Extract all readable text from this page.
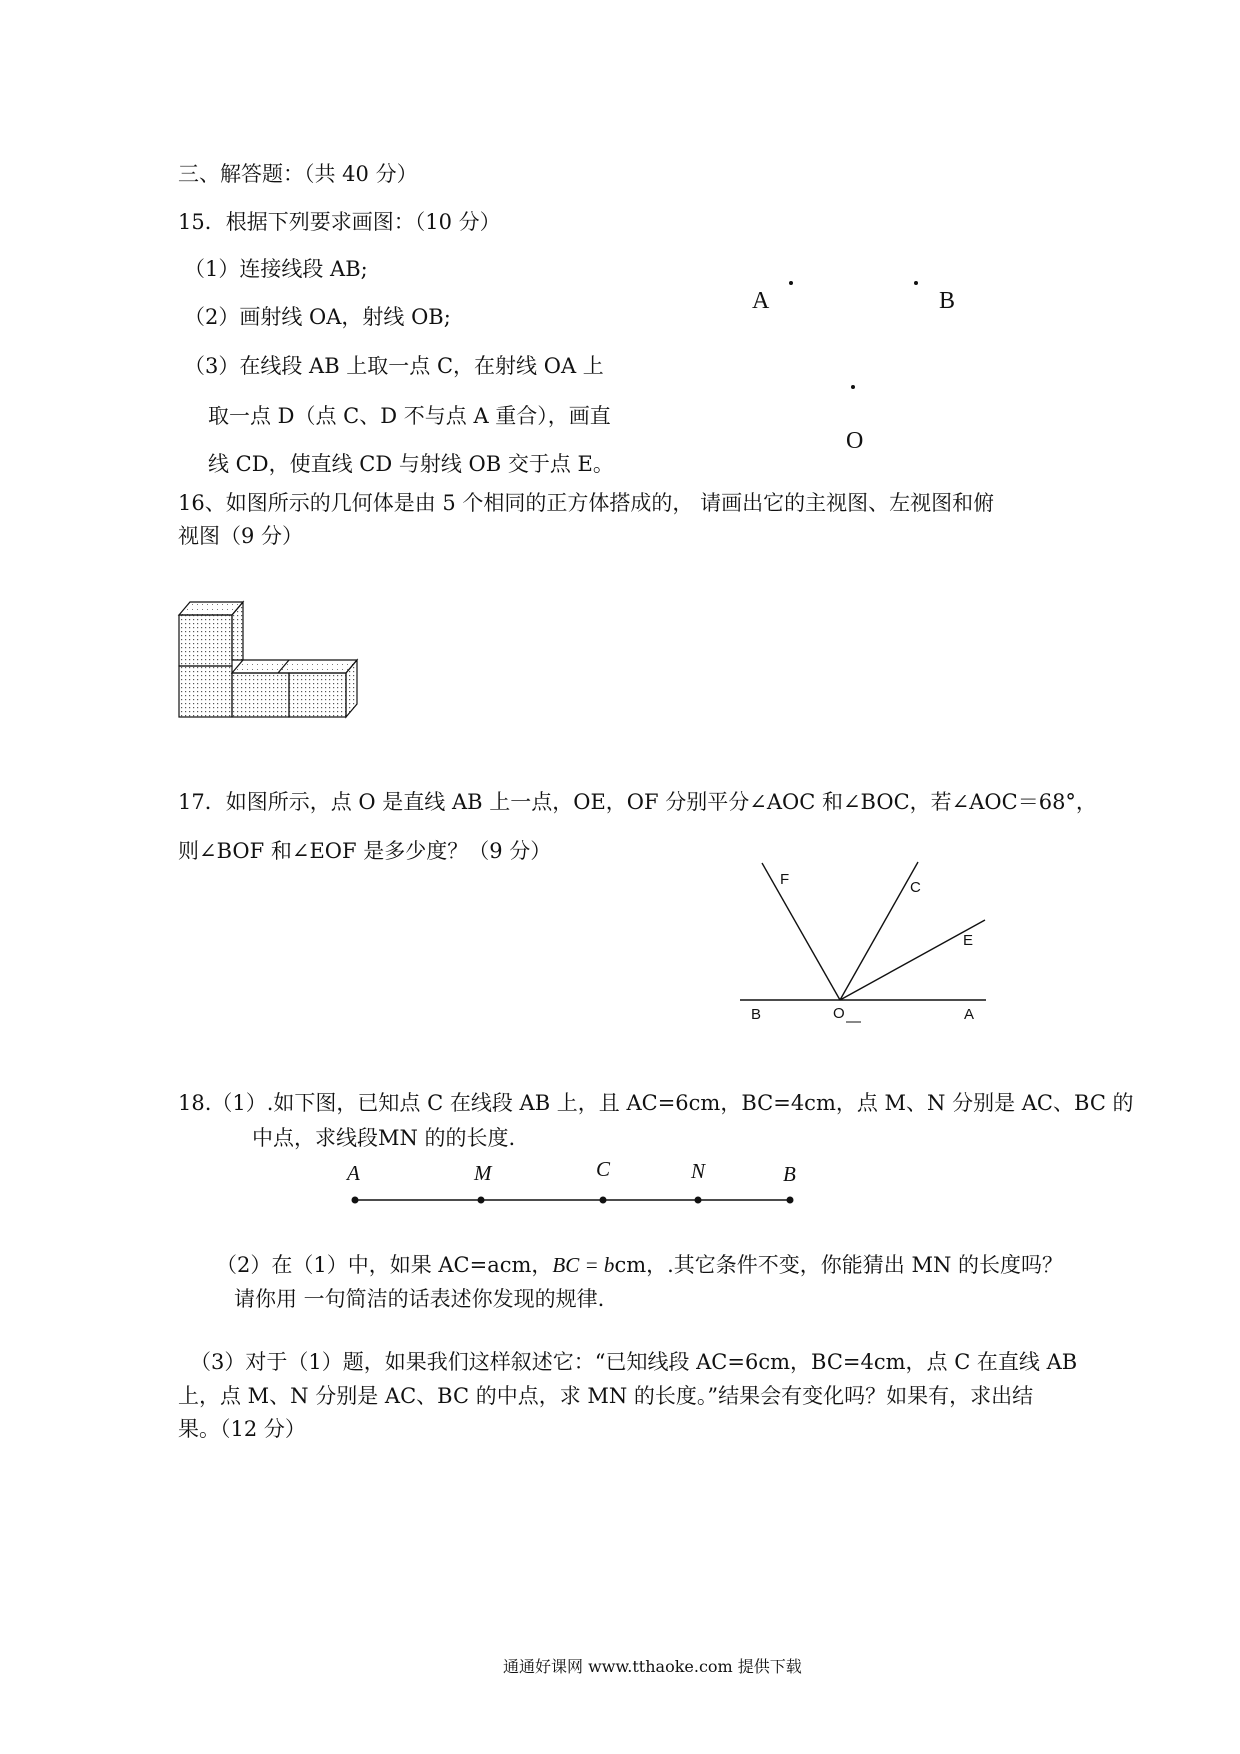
三、解答题：（共 40 分）
15．根据下列要求画图：（10 分）
（1）连接线段 AB;
（2）画射线 OA，射线 OB;
（3）在线段 AB 上取一点 C，在射线 OA 上
取一点 D（点 C、D 不与点 A 重合），画直
线 CD，使直线 CD 与射线 OB 交于点 E。
A	B
O
16、如图所示的几何体是由 5 个相同的正方体搭成的， 请画出它的主视图、左视图和俯
视图（9 分）
17．如图所示，点 O 是直线 AB 上一点，OE，OF 分别平分∠AOC 和∠BOC，若∠AOC＝68°，
则∠BOF 和∠EOF 是多少度？（9 分）
F	C
E
B	O	A
18.（1）.如下图，已知点 C 在线段 AB 上，且 AC=6cm，BC=4cm，点 M、N 分别是 AC、BC 的
中点，求线段MN 的的长度.
A	M	C	N	B
（2）在（1）中，如果 AC=acm，BC = bcm，.其它条件不变，你能猜出 MN 的长度吗？
请你用 一句简洁的话表述你发现的规律.
（3）对于（1）题，如果我们这样叙述它：“已知线段 AC=6cm，BC=4cm，点 C 在直线 AB
上，点 M、N 分别是 AC、BC 的中点，求 MN 的长度。”结果会有变化吗？如果有，求出结
果。（12 分）
通通好课网 www.tthaoke.com 提供下载
